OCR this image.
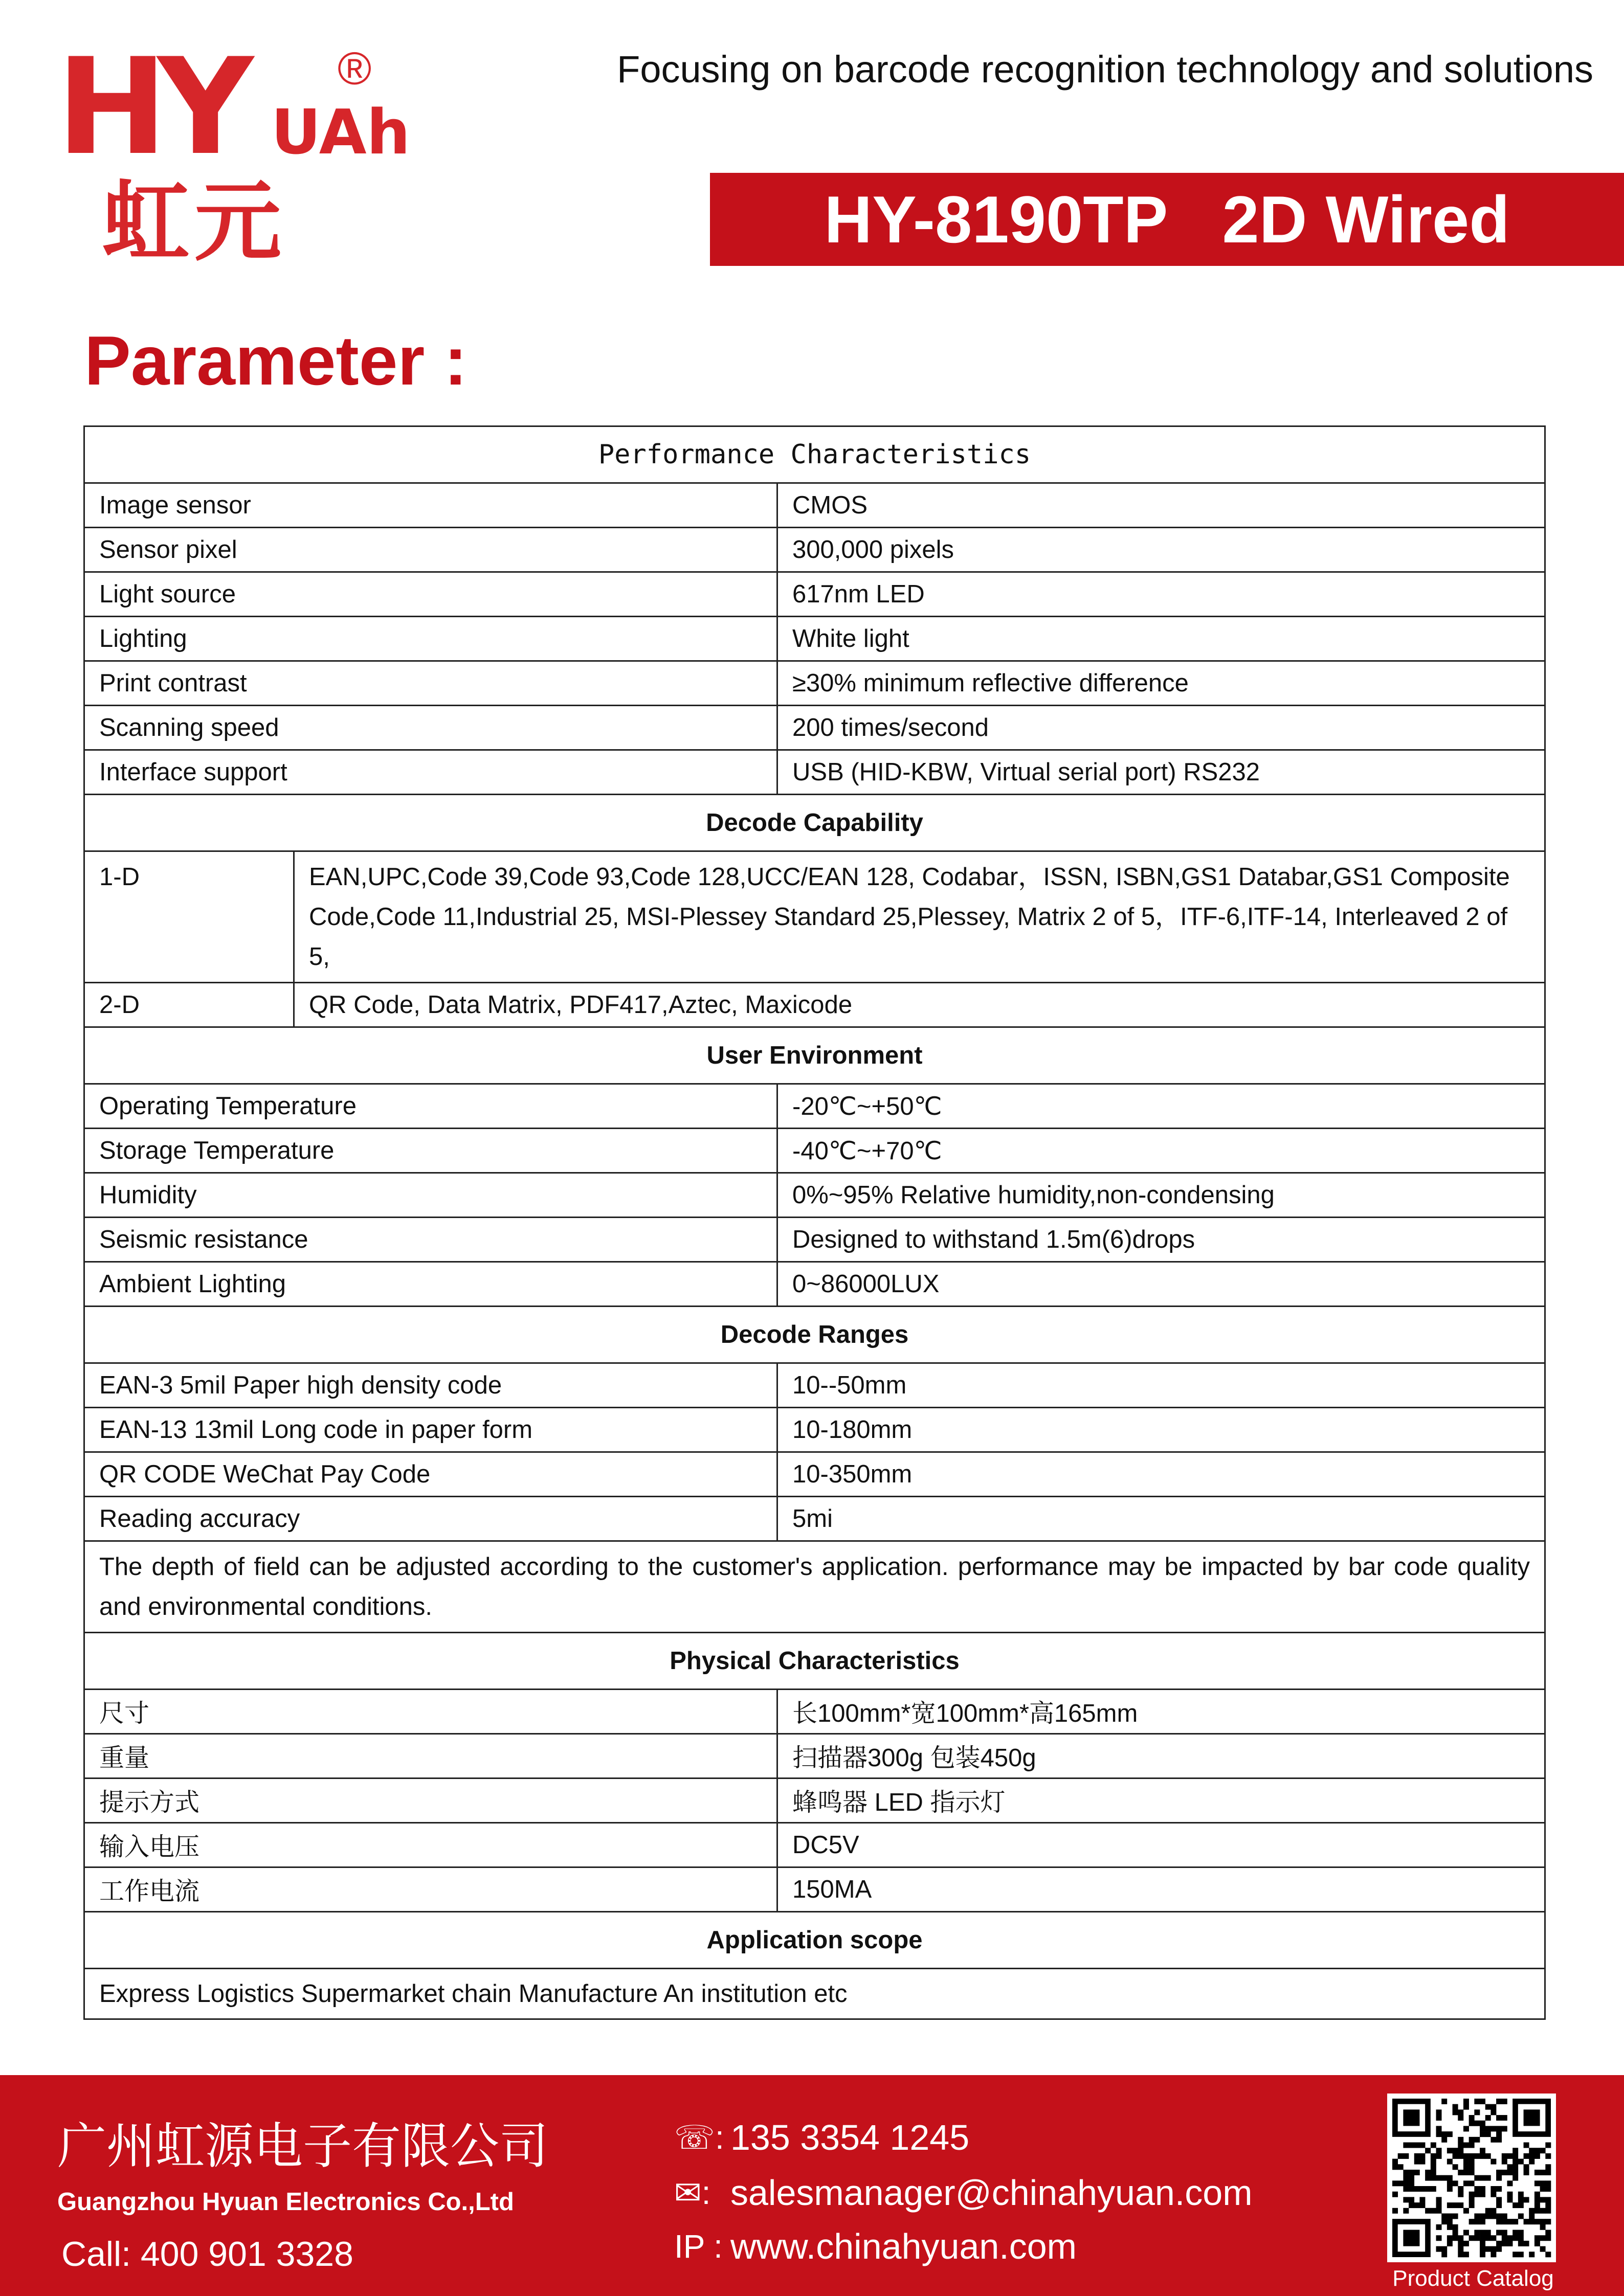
HY UAh
®
虹元
Focusing on barcode recognition technology and solutions
HY-8190TP   2D Wired
Parameter :
Performance Characteristics		
Image sensor		CMOS
Sensor pixel		300,000 pixels
Light source		617nm LED
Lighting		White light
Print contrast		≥30% minimum reflective difference
Scanning speed		200 times/second
Interface support		USB (HID-KBW, Virtual serial port) RS232
Decode Capability		
1-D	EAN,UPC,Code 39,Code 93,Code 128,UCC/EAN 128, Codabar，ISSN, ISBN,GS1 Databar,GS1 Composite Code,Code 11,Industrial 25, MSI-Plessey Standard 25,Plessey, Matrix 2 of 5，ITF-6,ITF-14, Interleaved 2 of 5,	
2-D	QR Code, Data Matrix, PDF417,Aztec, Maxicode	
User Environment		
Operating Temperature		-20℃~+50℃
Storage Temperature		-40℃~+70℃
Humidity		0%~95% Relative humidity,non-condensing
Seismic resistance		Designed to withstand 1.5m(6)drops
Ambient Lighting		0~86000LUX
Decode Ranges		
EAN-3 5mil Paper high density code		10--50mm
EAN-13 13mil Long code in paper form		10-180mm
QR CODE WeChat Pay Code		10-350mm
Reading accuracy		5mi
The depth of field can be adjusted according to the customer's application. performance may be impacted by bar code quality and environmental conditions.		
Physical Characteristics		
尺寸		长100mm*宽100mm*高165mm
重量		扫描器300g 包装450g
提示方式		蜂鸣器 LED 指示灯
输入电压		DC5V
工作电流		150MA
Application scope		
Express Logistics Supermarket chain Manufacture An institution etc		
广州虹源电子有限公司
Guangzhou Hyuan Electronics Co.,Ltd
Call: 400 901 3328
☏: 135 3354 1245
✉: salesmanager@chinahyuan.com
IP : www.chinahyuan.com
Product Catalog
